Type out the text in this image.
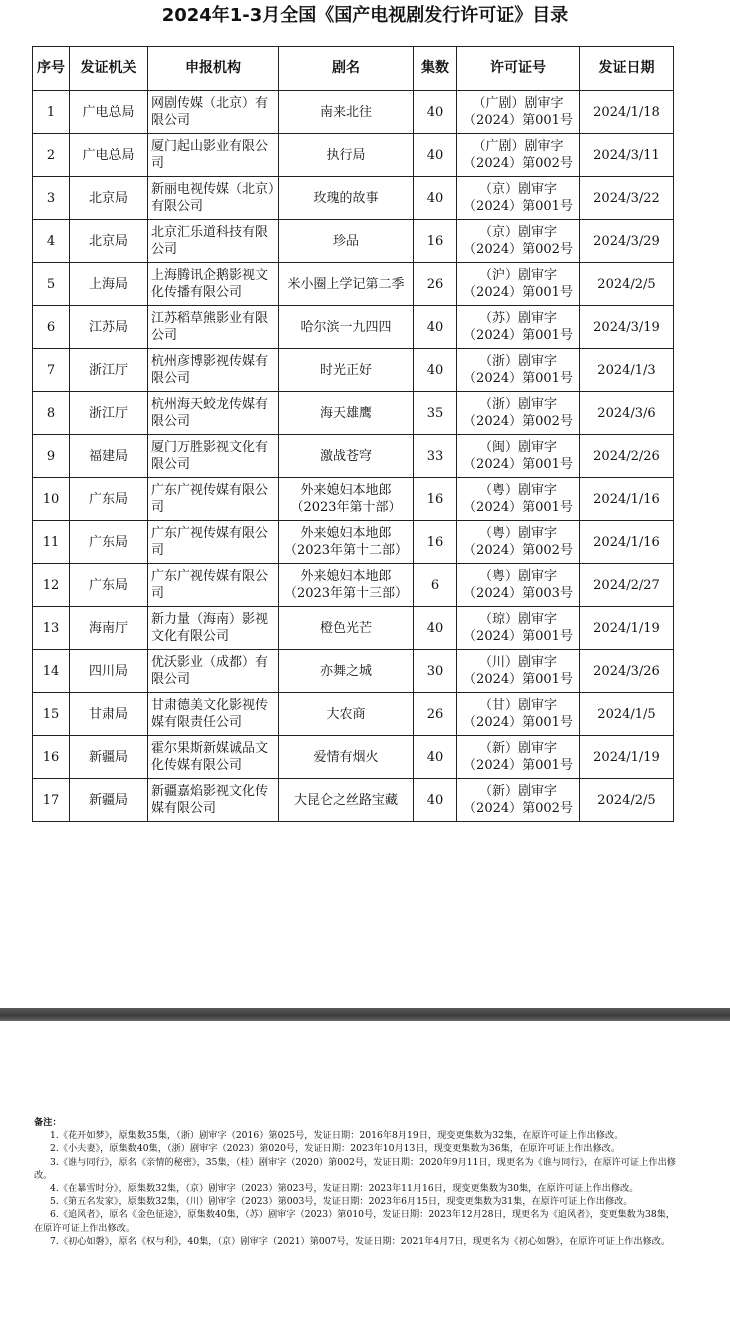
2024年1-3月全国《国产电视剧发行许可证》目录
序号	发证机关	申报机构	剧名	集数	许可证号	发证日期
1	广电总局	网剧传媒（北京）有限公司	南来北往	40	（广剧）剧审字（2024）第001号	2024/1/18
2	广电总局	厦门起山影业有限公司	执行局	40	（广剧）剧审字（2024）第002号	2024/3/11
3	北京局	新丽电视传媒（北京）有限公司	玫瑰的故事	40	（京）剧审字（2024）第001号	2024/3/22
4	北京局	北京汇乐道科技有限公司	珍品	16	（京）剧审字（2024）第002号	2024/3/29
5	上海局	上海腾讯企鹅影视文化传播有限公司	米小圈上学记第二季	26	（沪）剧审字（2024）第001号	2024/2/5
6	江苏局	江苏稻草熊影业有限公司	哈尔滨一九四四	40	（苏）剧审字（2024）第001号	2024/3/19
7	浙江厅	杭州彦博影视传媒有限公司	时光正好	40	（浙）剧审字（2024）第001号	2024/1/3
8	浙江厅	杭州海天蛟龙传媒有限公司	海天雄鹰	35	（浙）剧审字（2024）第002号	2024/3/6
9	福建局	厦门万胜影视文化有限公司	激战苍穹	33	（闽）剧审字（2024）第001号	2024/2/26
10	广东局	广东广视传媒有限公司	外来媳妇本地郎（2023年第十部）	16	（粤）剧审字（2024）第001号	2024/1/16
11	广东局	广东广视传媒有限公司	外来媳妇本地郎（2023年第十二部）	16	（粤）剧审字（2024）第002号	2024/1/16
12	广东局	广东广视传媒有限公司	外来媳妇本地郎（2023年第十三部）	6	（粤）剧审字（2024）第003号	2024/2/27
13	海南厅	新力量（海南）影视文化有限公司	橙色光芒	40	（琼）剧审字（2024）第001号	2024/1/19
14	四川局	优沃影业（成都）有限公司	亦舞之城	30	（川）剧审字（2024）第001号	2024/3/26
15	甘肃局	甘肃德美文化影视传媒有限责任公司	大农商	26	（甘）剧审字（2024）第001号	2024/1/5
16	新疆局	霍尔果斯新媒诚品文化传媒有限公司	爱情有烟火	40	（新）剧审字（2024）第001号	2024/1/19
17	新疆局	新疆嘉焰影视文化传媒有限公司	大昆仑之丝路宝藏	40	（新）剧审字（2024）第002号	2024/2/5
备注：

1.《花开如梦》，原集数35集，（浙）剧审字（2016）第025号，发证日期：2016年8月19日，现变更集数为32集，在原许可证上作出修改。

2.《小夫妻》，原集数40集，（浙）剧审字（2023）第020号，发证日期：2023年10月13日，现变更集数为36集，在原许可证上作出修改。

3.《谁与同行》，原名《亲情的秘密》，35集，（桂）剧审字（2020）第002号，发证日期：2020年9月11日，现更名为《谁与同行》，在原许可证上作出修改。

4.《在暴雪时分》，原集数32集，（京）剧审字（2023）第023号，发证日期：2023年11月16日，现变更集数为30集，在原许可证上作出修改。

5.《第五名发家》，原集数32集，（川）剧审字（2023）第003号，发证日期：2023年6月15日，现变更集数为31集，在原许可证上作出修改。

6.《追风者》，原名《金色征途》，原集数40集，（苏）剧审字（2023）第010号，发证日期：2023年12月28日，现更名为《追风者》，变更集数为38集，在原许可证上作出修改。

7.《初心如磐》，原名《权与利》，40集，（京）剧审字（2021）第007号，发证日期：2021年4月7日，现更名为《初心如磐》，在原许可证上作出修改。
